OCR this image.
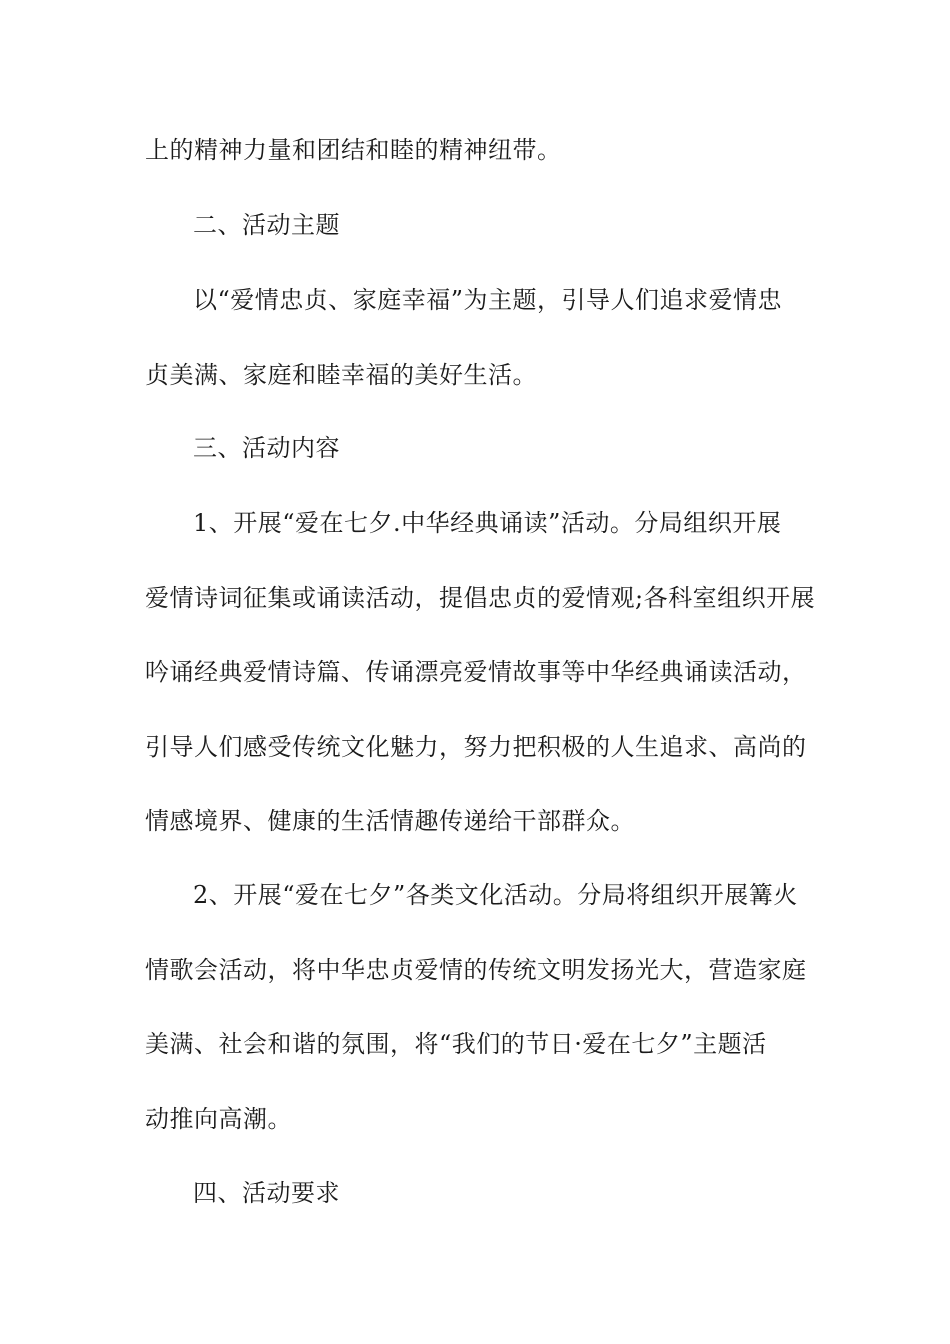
上的精神力量和团结和睦的精神纽带。
二、活动主题
以“爱情忠贞、家庭幸福”为主题，引导人们追求爱情忠
贞美满、家庭和睦幸福的美好生活。
三、活动内容
1、开展“爱在七夕.中华经典诵读”活动。分局组织开展
爱情诗词征集或诵读活动，提倡忠贞的爱情观;各科室组织开展
吟诵经典爱情诗篇、传诵漂亮爱情故事等中华经典诵读活动，
引导人们感受传统文化魅力，努力把积极的人生追求、高尚的
情感境界、健康的生活情趣传递给干部群众。
2、开展“爱在七夕”各类文化活动。分局将组织开展篝火
情歌会活动，将中华忠贞爱情的传统文明发扬光大，营造家庭
美满、社会和谐的氛围，将“我们的节日·爱在七夕”主题活
动推向高潮。
四、活动要求
